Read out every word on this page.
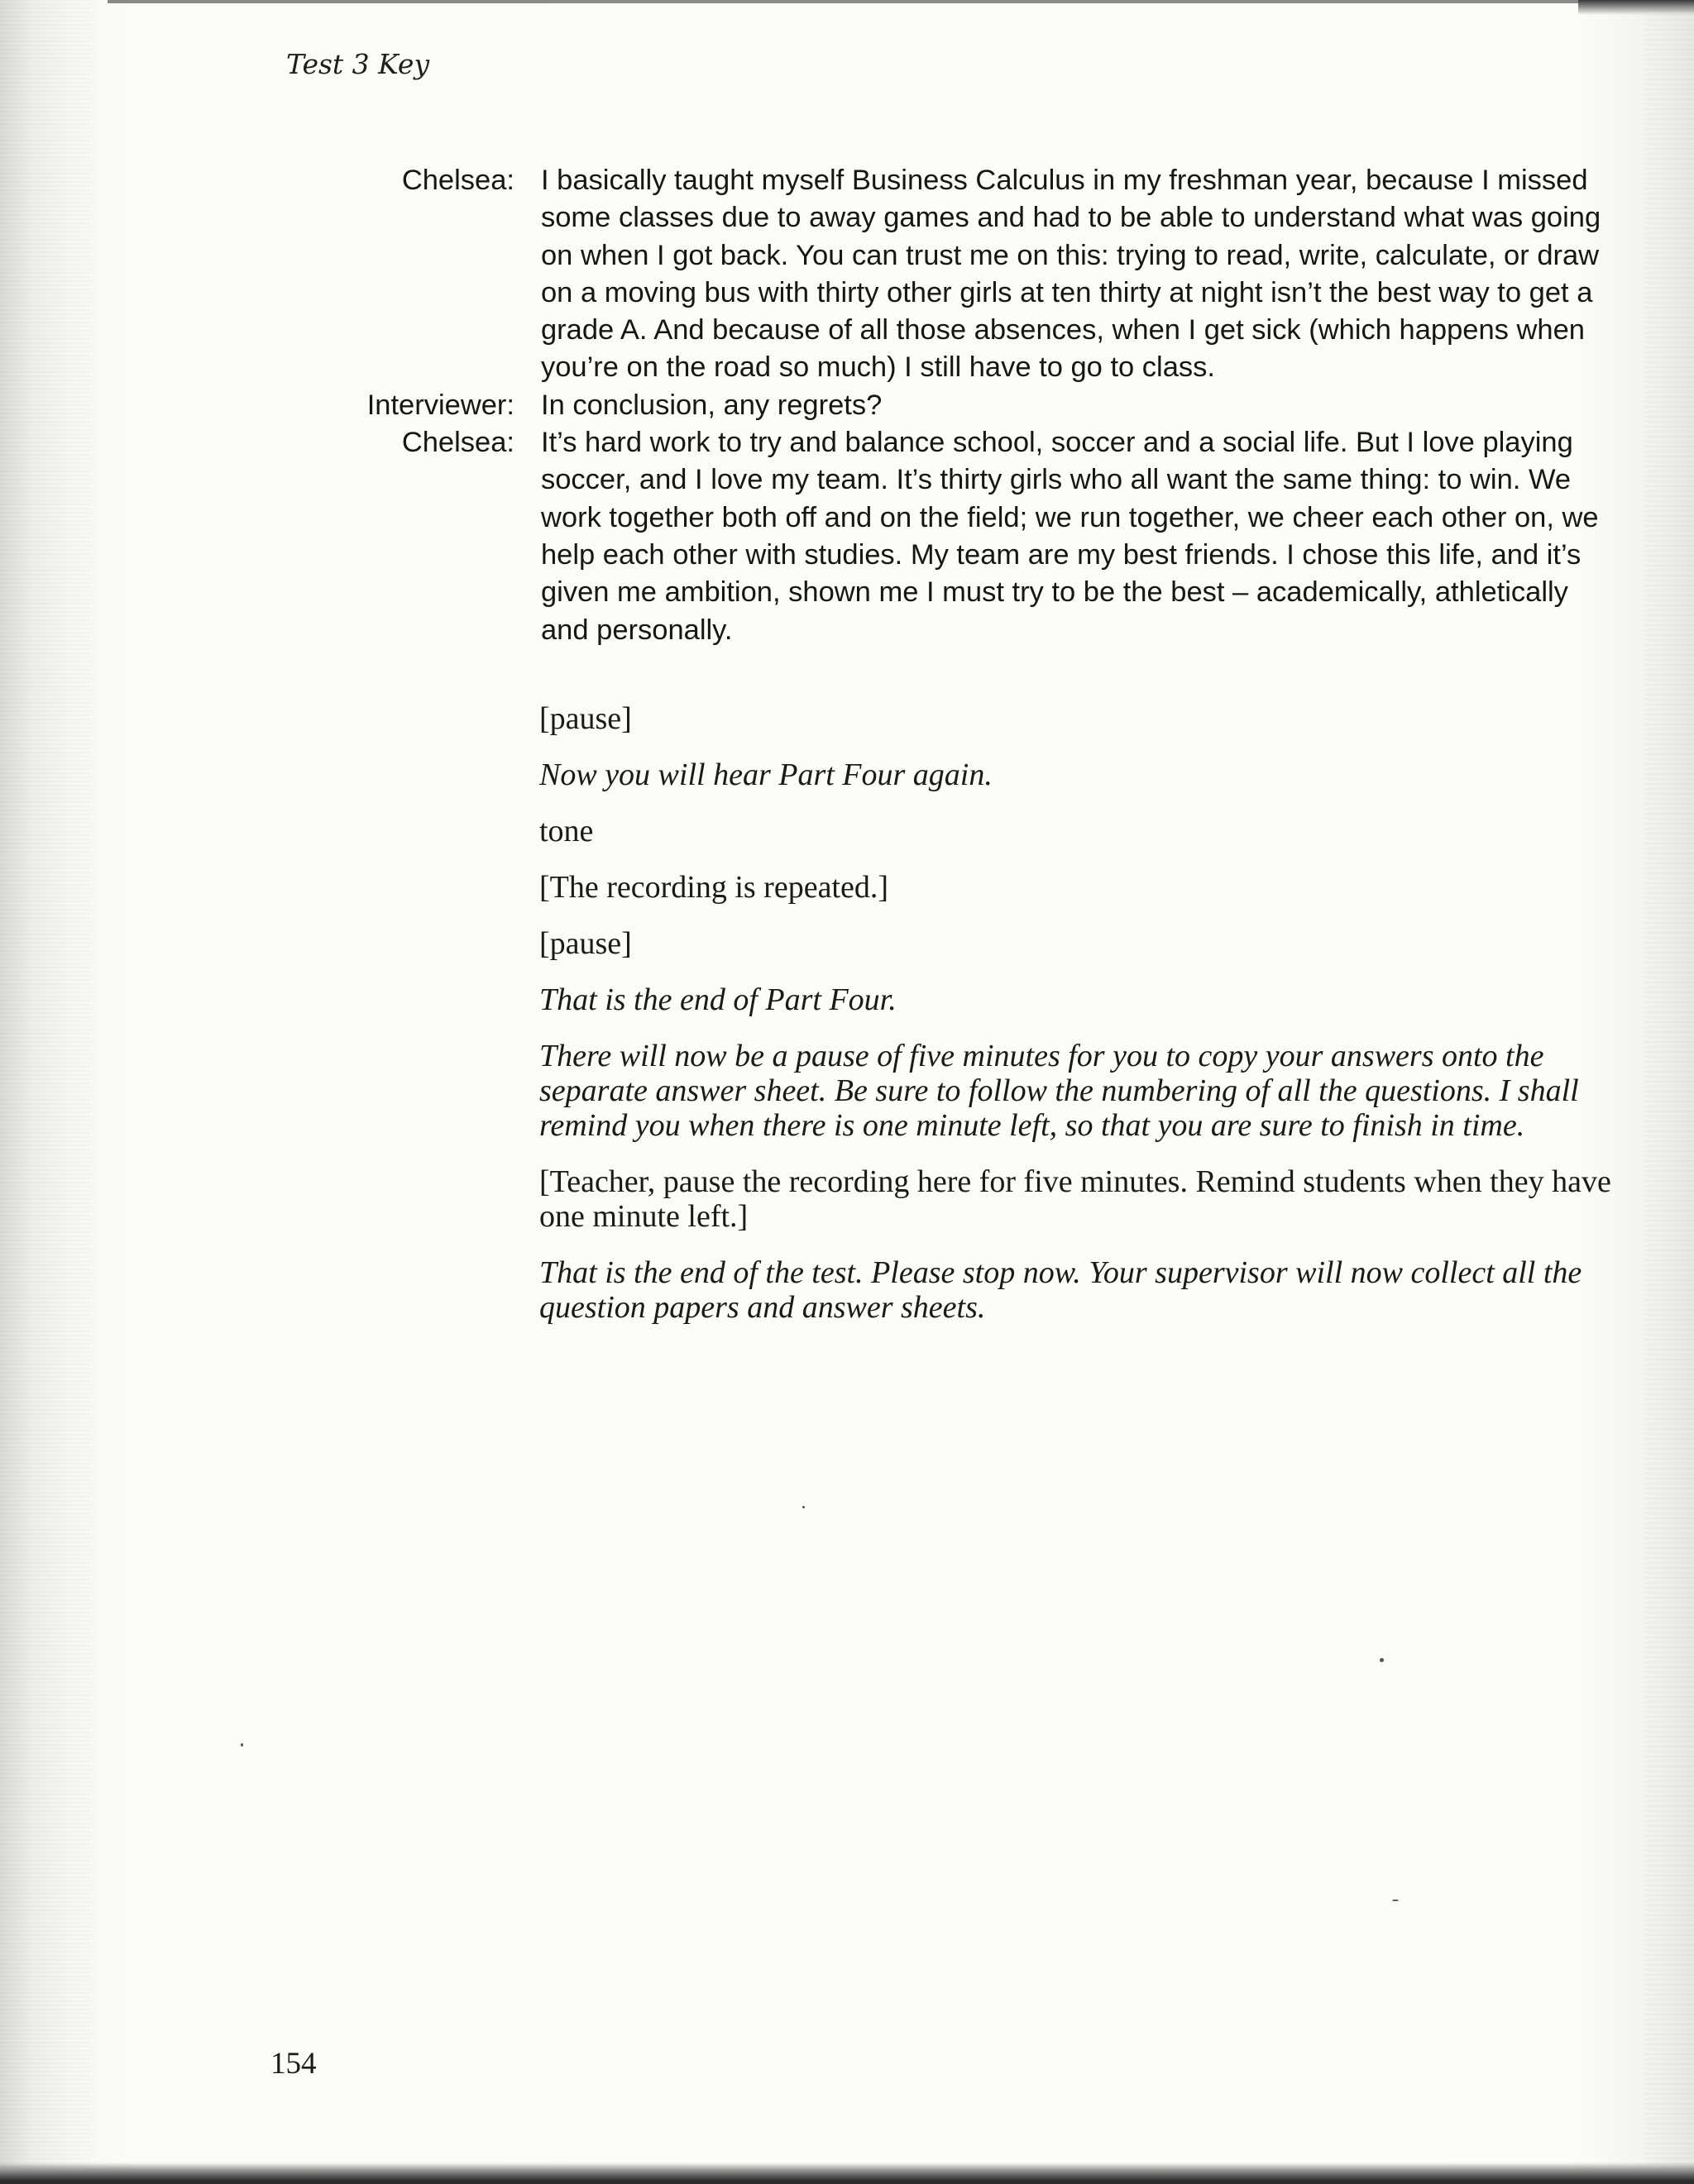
Test 3 Key
Chelsea: I basically taught myself Business Calculus in my freshman year, because I missed some classes due to away games and had to be able to understand what was going on when I got back. You can trust me on this: trying to read, write, calculate, or draw on a moving bus with thirty other girls at ten thirty at night isn’t the best way to get a grade A. And because of all those absences, when I get sick (which happens when you’re on the road so much) I still have to go to class.
Interviewer: In conclusion, any regrets?
Chelsea: It’s hard work to try and balance school, soccer and a social life. But I love playing soccer, and I love my team. It’s thirty girls who all want the same thing: to win. We work together both off and on the field; we run together, we cheer each other on, we help each other with studies. My team are my best friends. I chose this life, and it’s given me ambition, shown me I must try to be the best – academically, athletically and personally.

[pause]

Now you will hear Part Four again.

tone

[The recording is repeated.]

[pause]

That is the end of Part Four.

There will now be a pause of five minutes for you to copy your answers onto the separate answer sheet. Be sure to follow the numbering of all the questions. I shall remind you when there is one minute left, so that you are sure to finish in time.

[Teacher, pause the recording here for five minutes. Remind students when they have one minute left.]

That is the end of the test. Please stop now. Your supervisor will now collect all the question papers and answer sheets.

154
